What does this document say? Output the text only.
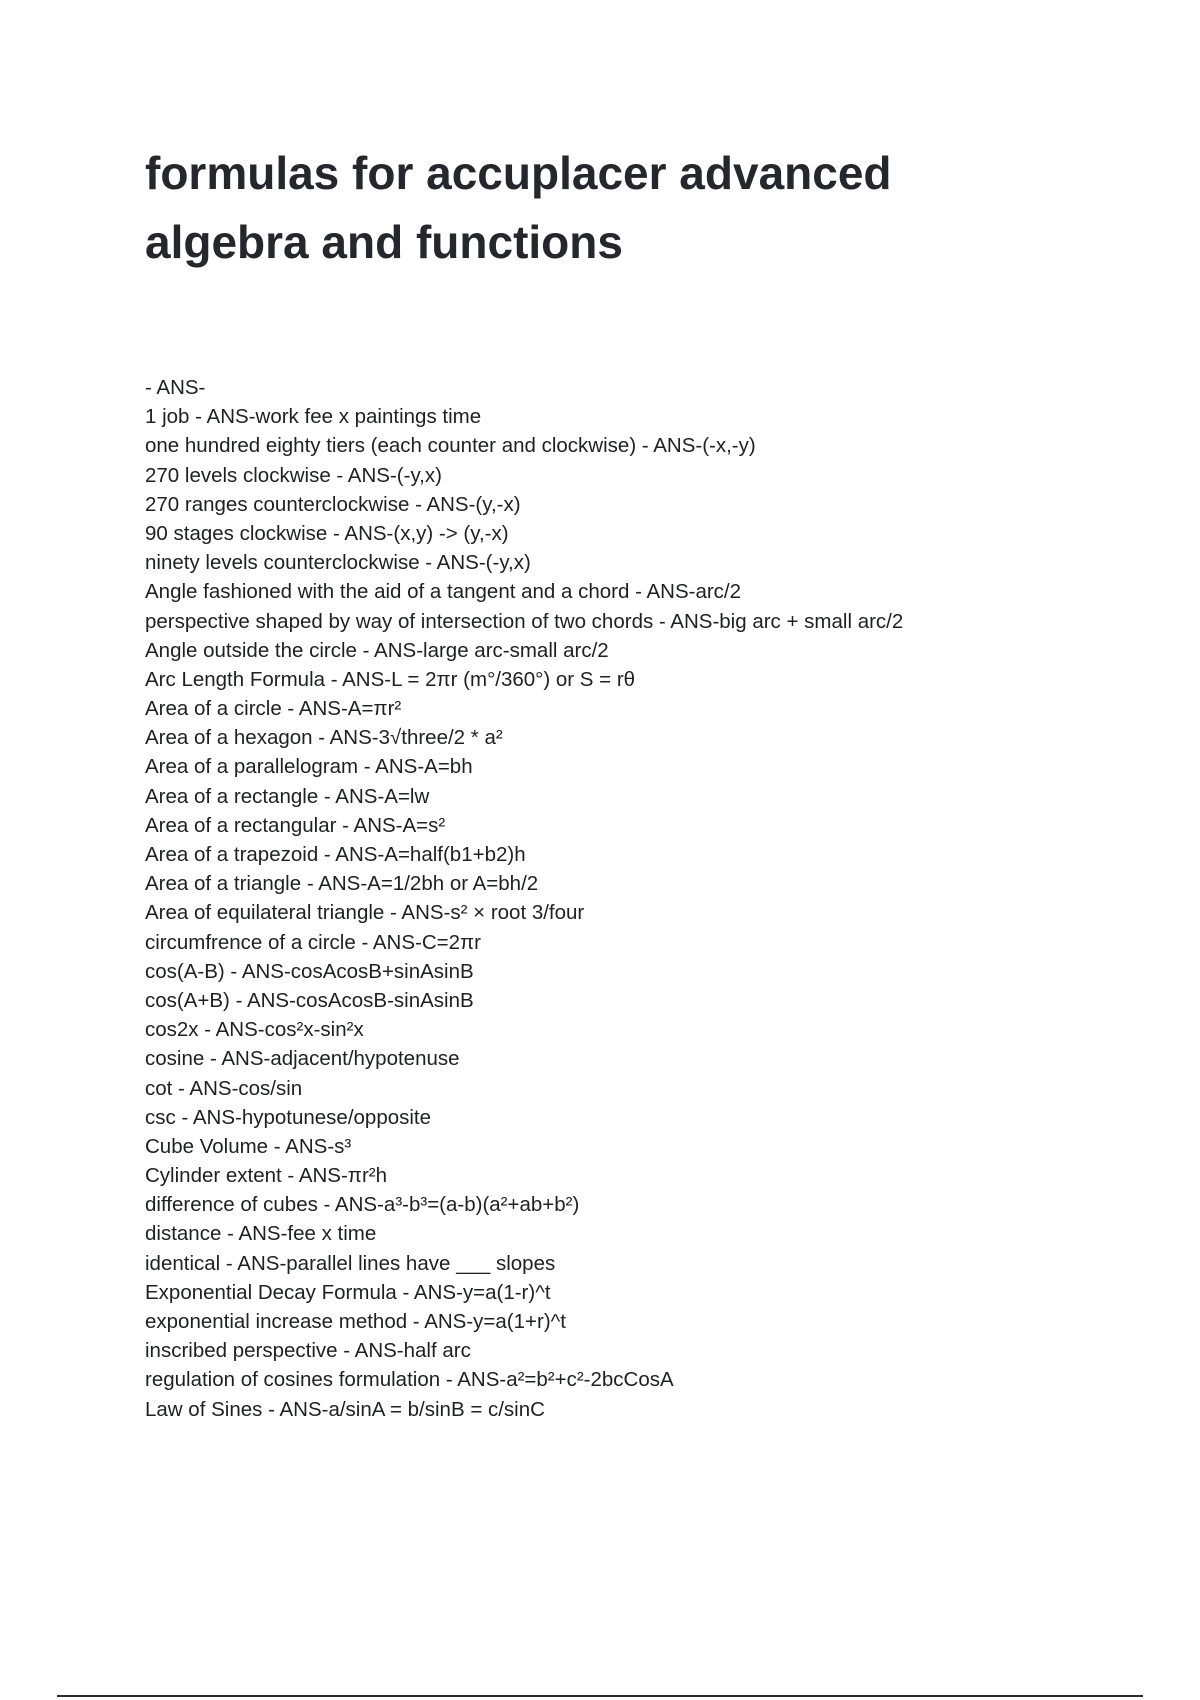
formulas for accuplacer advanced algebra and functions
- ANS-
1 job - ANS-work fee x paintings time
one hundred eighty tiers (each counter and clockwise) - ANS-(-x,-y)
270 levels clockwise - ANS-(-y,x)
270 ranges counterclockwise - ANS-(y,-x)
90 stages clockwise - ANS-(x,y) -> (y,-x)
ninety levels counterclockwise - ANS-(-y,x)
Angle fashioned with the aid of a tangent and a chord - ANS-arc/2
perspective shaped by way of intersection of two chords - ANS-big arc + small arc/2
Angle outside the circle - ANS-large arc-small arc/2
Arc Length Formula - ANS-L = 2πr (m°/360°) or S = rθ
Area of a circle - ANS-A=πr²
Area of a hexagon - ANS-3√three/2 * a²
Area of a parallelogram - ANS-A=bh
Area of a rectangle - ANS-A=lw
Area of a rectangular - ANS-A=s²
Area of a trapezoid - ANS-A=half(b1+b2)h
Area of a triangle - ANS-A=1/2bh or A=bh/2
Area of equilateral triangle - ANS-s² × root 3/four
circumfrence of a circle - ANS-C=2πr
cos(A-B) - ANS-cosAcosB+sinAsinB
cos(A+B) - ANS-cosAcosB-sinAsinB
cos2x - ANS-cos²x-sin²x
cosine - ANS-adjacent/hypotenuse
cot - ANS-cos/sin
csc - ANS-hypotunese/opposite
Cube Volume - ANS-s³
Cylinder extent - ANS-πr²h
difference of cubes - ANS-a³-b³=(a-b)(a²+ab+b²)
distance - ANS-fee x time
identical - ANS-parallel lines have ___ slopes
Exponential Decay Formula - ANS-y=a(1-r)^t
exponential increase method - ANS-y=a(1+r)^t
inscribed perspective - ANS-half arc
regulation of cosines formulation - ANS-a²=b²+c²-2bcCosA
Law of Sines - ANS-a/sinA = b/sinB = c/sinC
